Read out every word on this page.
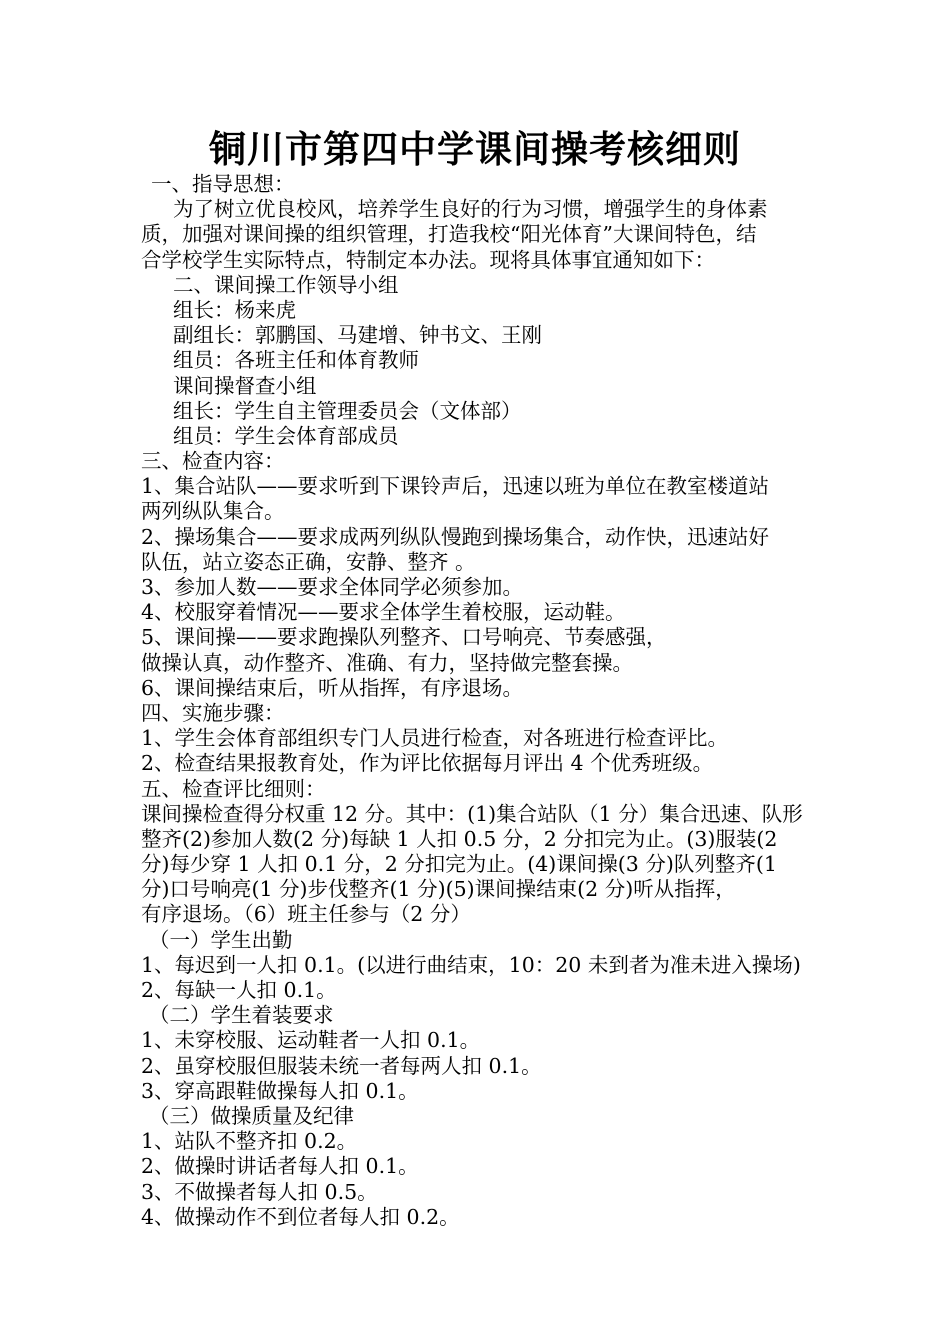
铜川市第四中学课间操考核细则
一、指导思想：
为了树立优良校风，培养学生良好的行为习惯，增强学生的身体素
质，加强对课间操的组织管理，打造我校“阳光体育”大课间特色，结
合学校学生实际特点，特制定本办法。现将具体事宜通知如下：
二、课间操工作领导小组
组长：杨来虎
副组长：郭鹏国、马建增、钟书文、王刚
组员：各班主任和体育教师
课间操督查小组
组长：学生自主管理委员会（文体部）
组员：学生会体育部成员
三、检查内容：
1、集合站队——要求听到下课铃声后，迅速以班为单位在教室楼道站
两列纵队集合。
2、操场集合——要求成两列纵队慢跑到操场集合，动作快，迅速站好
队伍，站立姿态正确，安静、整齐 。
3、参加人数——要求全体同学必须参加。
4、校服穿着情况——要求全体学生着校服，运动鞋。
5、课间操——要求跑操队列整齐、口号响亮、节奏感强，
做操认真，动作整齐、准确、有力，坚持做完整套操。
6、课间操结束后，听从指挥，有序退场。
四、实施步骤：
1、学生会体育部组织专门人员进行检查，对各班进行检查评比。
2、检查结果报教育处，作为评比依据每月评出 4 个优秀班级。
五、检查评比细则：
课间操检查得分权重 12 分。其中：(1)集合站队（1 分）集合迅速、队形
整齐(2)参加人数(2 分)每缺 1 人扣 0.5 分，2 分扣完为止。(3)服装(2
分)每少穿 1 人扣 0.1 分，2 分扣完为止。(4)课间操(3 分)队列整齐(1
分)口号响亮(1 分)步伐整齐(1 分)(5)课间操结束(2 分)听从指挥，
有序退场。（6）班主任参与（2 分）
（一）学生出勤
1、每迟到一人扣 0.1。(以进行曲结束，10：20 未到者为准未进入操场)
2、每缺一人扣 0.1。
（二）学生着装要求
1、未穿校服、运动鞋者一人扣 0.1。
2、虽穿校服但服装未统一者每两人扣 0.1。
3、穿高跟鞋做操每人扣 0.1。
（三）做操质量及纪律
1、站队不整齐扣 0.2。
2、做操时讲话者每人扣 0.1。
3、不做操者每人扣 0.5。
4、做操动作不到位者每人扣 0.2。
